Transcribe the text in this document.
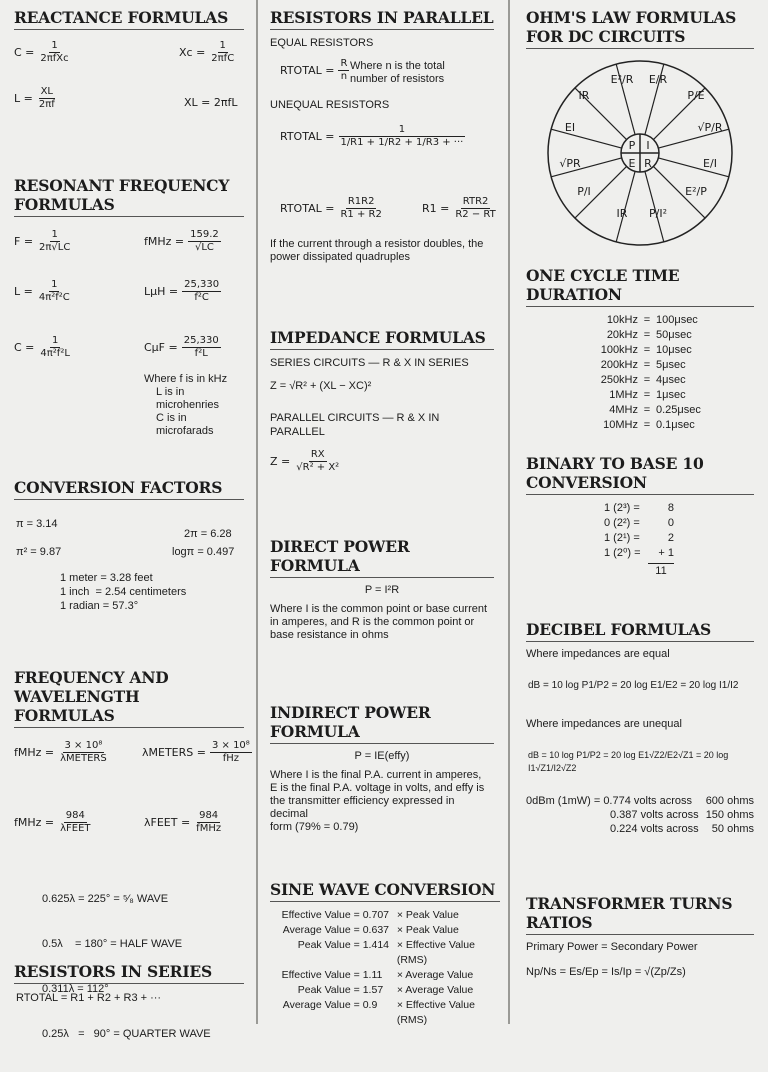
REACTANCE FORMULAS
$C = \frac{1}{\text{2πfXc}}$	$Xc = \frac{1}{\text{2πfC}}$
$L = \frac{XL}{2\pi f}$	XL = 2πfL
RESONANT FREQUENCY
FORMULAS
$F = \frac{1}{2\pi√LC}$	fMHz = $\frac{159.2}{√LC}$
$L = \frac{1}{\text{4π²f²C}}$	$L\mu H = \frac{25,330}{\text{f²C}}$
$C = \frac{1}{\text{4π²f²L}}$	$C\mu F = \frac{25,330}{\text{f²L}}$
Where f is in kHz
L is in microhenries
C is in microfarads
CONVERSION FACTORS
π = 3.14
2π = 6.28
π² = 9.87	logπ = 0.497
1 meter = 3.28 feet
1 inch  = 2.54 centimeters
1 radian = 57.3°
FREQUENCY AND
WAVELENGTH FORMULAS
fMHz = $\frac{\text{3 × 10⁸}}{\text{λMETERS}}$	λMETERS = $\frac{\text{3 × 10⁸}}{\text{fHz}}$
fMHz = $\frac{984}{\text{λFEET}}$	λFEET = $\frac{984}{\text{fMHz}}$

0.625λ = 225° = ⁵⁄₈ WAVE

0.5λ    = 180° = HALF WAVE

0.311λ = 112°

0.25λ   =   90° = QUARTER WAVE

RESISTORS IN SERIES
RTOTAL = R1 + R2 + R3 + ···
RESISTORS IN PARALLEL
EQUAL RESISTORS
RTOTAL = $\frac{R}{n}$ Where n is the total
number of resistors
UNEQUAL RESISTORS
RTOTAL = $\frac{1}{1/R1 + 1/R2 + 1/R3 + \cdot\cdot\cdot}$
RTOTAL = $\frac{R1R2}{R1 + R2}$	$R1 = \frac{\text{RTR2}}{R2 - RT}$
If the current through a resistor doubles, the
power dissipated quadruples
IMPEDANCE FORMULAS
SERIES CIRCUITS — R & X IN SERIES
Z = √R² + (XL − XC)²
PARALLEL CIRCUITS — R & X IN PARALLEL
$Z = \frac{RX}{\text{√R² + X²}}$
DIRECT POWER FORMULA
P = I²R
Where I is the common point or base current
in amperes, and R is the common point or
base resistance in ohms
INDIRECT POWER FORMULA
P = IE(effy)
Where I is the final P.A. current in amperes,
E is the final P.A. voltage in volts, and effy is
the transmitter efficiency expressed in decimal
form (79% = 0.79)
SINE WAVE CONVERSION
Effective Value = 0.707 × Peak Value
Average Value = 0.637 × Peak Value
Peak Value = 1.414 × Effective Value (RMS)
Effective Value = 1.11	× Average Value
Peak Value = 1.57	× Average Value
Average Value = 0.9	× Effective Value (RMS)
OHM'S LAW FORMULAS
FOR DC CIRCUITS
P I
E R
IR
EI
√PR
P/I
E²/R E/R
P/E
√P/R
E/I
E²/P
P/I²
IR
ONE CYCLE TIME DURATION
10kHz = 100μsec
20kHz = 50μsec
100kHz = 10μsec
200kHz = 5μsec
250kHz = 4μsec
1MHz = 1μsec
4MHz = 0.25μsec
10MHz = 0.1μsec
BINARY TO BASE 10
CONVERSION
1 (2³) =	8
0 (2²) =	0
1 (2¹) =	2
1 (2⁰) =	+ 1
11
DECIBEL FORMULAS
Where impedances are equal
dB = 10 log P1/P2 = 20 log E1/E2 = 20 log I1/I2
Where impedances are unequal
dB = 10 log P1/P2 = 20 log E1√Z2/E2√Z1 = 20 log I1√Z1/I2√Z2
0dBm (1mW) = 0.774 volts across 600 ohms
0.387 volts across 150 ohms
0.224 volts across 50 ohms
TRANSFORMER TURNS
RATIOS
Primary Power = Secondary Power
Np/Ns = Es/Ep = Is/Ip = √(Zp/Zs)
